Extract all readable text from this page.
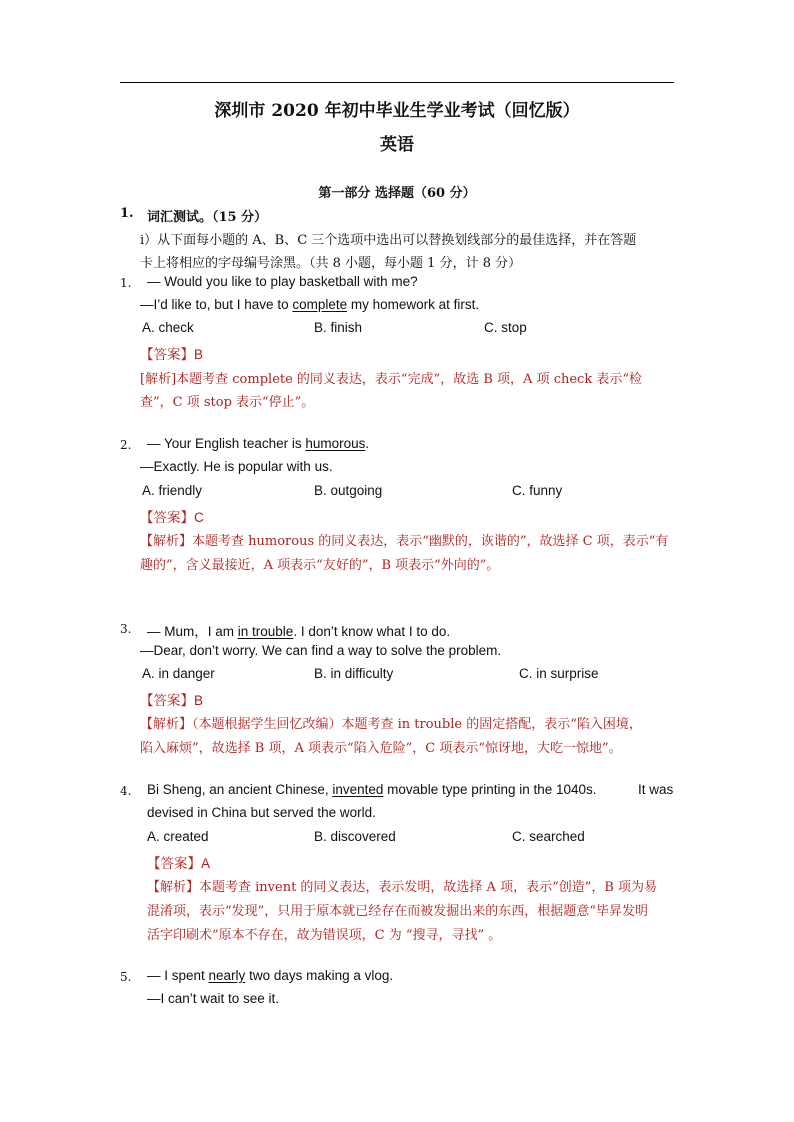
深圳市 2020 年初中毕业生学业考试（回忆版）
英语
第一部分 选择题（60 分）
1. 词汇测试。（15 分）
i）从下面每小题的 A、B、C 三个选项中选出可以替换划线部分的最佳选择，并在答题
卡上将相应的字母编号涂黑。（共 8 小题，每小题 1 分，计 8 分）
1. — Would you like to play basketball with me?
—I’d like to, but I have to complete my homework at first.
A. check	B. finish	C. stop
【答案】B
[解析]本题考查 complete 的同义表达，表示“完成”，故选 B 项，A 项 check 表示“检
查”，C 项 stop 表示“停止”。
2. — Your English teacher is humorous.
—Exactly. He is popular with us.
A. friendly	B. outgoing	C. funny
【答案】C
【解析】本题考查 humorous 的同义表达，表示“幽默的，诙谐的”，故选择 C 项，表示“有
趣的”，含义最接近，A 项表示“友好的”，B 项表示“外向的”。
3. — Mum，I am in trouble. I don’t know what I to do.
—Dear, don’t worry. We can find a way to solve the problem.
A. in danger	B. in difficulty	C. in surprise
【答案】B
【解析】（本题根据学生回忆改编）本题考查 in trouble 的固定搭配，表示“陷入困境，
陷入麻烦”，故选择 B 项，A 项表示“陷入危险”，C 项表示“惊讶地，大吃一惊地”。
4. Bi Sheng, an ancient Chinese, invented movable type printing in the 1040s.	It was
devised in China but served the world.
A. created	B. discovered	C. searched
【答案】A
【解析】本题考查 invent 的同义表达，表示发明，故选择 A 项，表示“创造”，B 项为易
混淆项，表示“发现”，只用于原本就已经存在而被发掘出来的东西，根据题意“毕昇发明
活字印刷术”原本不存在，故为错误项，C 为 “搜寻，寻找” 。
5. — I spent nearly two days making a vlog.
—I can’t wait to see it.
